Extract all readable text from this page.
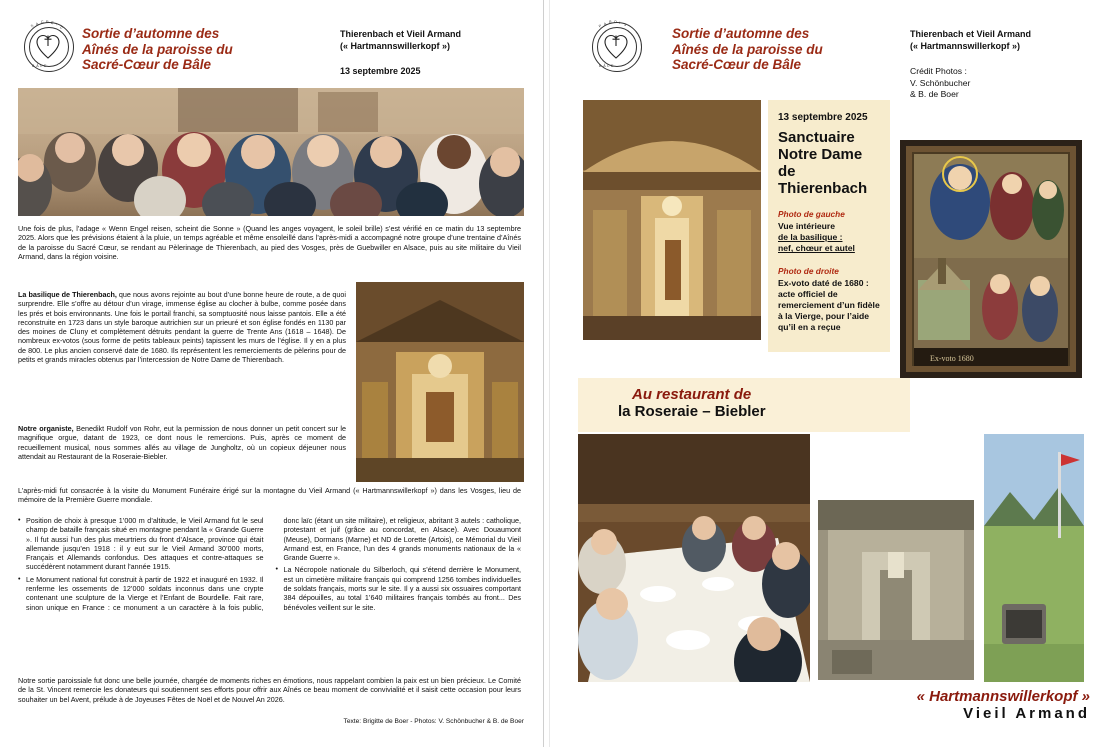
S A C R É -
C
B Â L E
Sortie d’automne des
Aînés de la paroisse du
Sacré-Cœur de Bâle
Thierenbach et Vieil Armand
(« Hartmannswillerkopf »)
13 septembre 2025

Une fois de plus, l’adage « Wenn Engel reisen, scheint die Sonne » (Quand les anges voyagent, le soleil brille) s’est vérifié en ce matin du 13 septembre 2025. Alors que les prévisions étaient à la pluie, un temps agréable et même ensoleillé dans l’après-midi a accompagné notre groupe d’une trentaine d’Aînés de la paroisse du Sacré Cœur, se rendant au Pèlerinage de Thierenbach, au pied des Vosges, près de Guebwiller en Alsace, puis au site militaire du Vieil Armand, dans la région voisine.

La basilique de Thierenbach, que nous avons rejointe au bout d’une bonne heure de route, a de quoi surprendre. Elle s’offre au détour d’un virage, immense église au clocher à bulbe, comme posée dans les prés et bois environnants. Une fois le portail franchi, sa somptuosité nous laisse pantois. Elle a été reconstruite en 1723 dans un style baroque autrichien sur un prieuré et son église fondés en 1130 par des moines de Cluny et complètement détruits pendant la guerre de Trente Ans (1618 – 1648). De nombreux ex-votos (sous forme de petits tableaux peints) tapissent les murs de l’église. Il y en a plus de 800. Le plus ancien conservé date de 1680. Ils représentent les remerciements de pèlerins pour de petits et grands miracles obtenus par l’intercession de Notre Dame de Thierenbach.

Notre organiste, Benedikt Rudolf von Rohr, eut la permission de nous donner un petit concert sur le magnifique orgue, datant de 1923, ce dont nous le remercions. Puis, après ce moment de recueillement musical, nous sommes allés au village de Jungholtz, où un copieux déjeuner nous attendait au Restaurant de la Roseraie-Biebler.

L’après-midi fut consacrée à la visite du Monument Funéraire érigé sur la montagne du Vieil Armand (« Hartmannswillerkopf ») dans les Vosges, lieu de mémoire de la Première Guerre mondiale.

• Position de choix à presque 1’000 m d’altitude, le Vieil Armand fut le seul champ de bataille français situé en montagne pendant la « Grande Guerre ». Il fut aussi l’un des plus meurtriers du front d’Alsace, province qui était allemande jusqu’en 1918 : il y eut sur le Vieil Armand 30’000 morts, Français et Allemands confondus. Des attaques et contre-attaques se succédèrent notamment durant l’année 1915.
• Le Monument national fut construit à partir de 1922 et inauguré en 1932. Il renferme les ossements de 12’000 soldats inconnus dans une crypte contenant une sculpture de la Vierge et l’Enfant de Bourdelle. Fait rare, sinon unique en France : ce monument a un caractère à la fois public, donc laïc (étant un site militaire), et religieux, abritant 3 autels : catholique, protestant et juif (grâce au concordat, en Alsace). Avec Douaumont (Meuse), Dormans (Marne) et ND de Lorette (Artois), ce Mémorial du Vieil Armand est, en France, l’un des 4 grands monuments nationaux de la « Grande Guerre ».
• La Nécropole nationale du Silberloch, qui s’étend derrière le Monument, est un cimetière militaire français qui comprend 1256 tombes individuelles de soldats français, morts sur le site. Il y a aussi six ossuaires comportant 384 dépouilles, au total 1’640 militaires français tombés au front... Des bénévoles veillent sur le site.

Notre sortie paroissiale fut donc une belle journée, chargée de moments riches en émotions, nous rappelant combien la paix est un bien précieux. Le Comité de la St. Vincent remercie les donateurs qui soutiennent ses efforts pour offrir aux Aînés ce beau moment de convivialité et il saisit cette occasion pour leurs souhaiter un bel Avent, prélude à de Joyeuses Fêtes de Noël et de Nouvel An 2026.

Texte: Brigitte de Boer - Photos: V. Schönbucher & B. de Boer
P A R O I S
B Â L E
Sortie d’automne des
Aînés de la paroisse du
Sacré-Cœur de Bâle
Thierenbach et Vieil Armand
(« Hartmannswillerkopf »)
Crédit Photos :
V. Schönbucher
& B. de Boer
13 septembre 2025
Sanctuaire
Notre Dame de
Thierenbach
Photo de gauche
Vue intérieure
de la basilique :
nef, chœur et autel
Photo de droite
Ex-voto daté de 1680 : acte officiel de remerciement d’un fidèle à la Vierge, pour l’aide qu’il en a reçue
Ex-voto 1680
Au restaurant de
la Roseraie – Biebler
« Hartmannswillerkopf »
Vieil Armand
